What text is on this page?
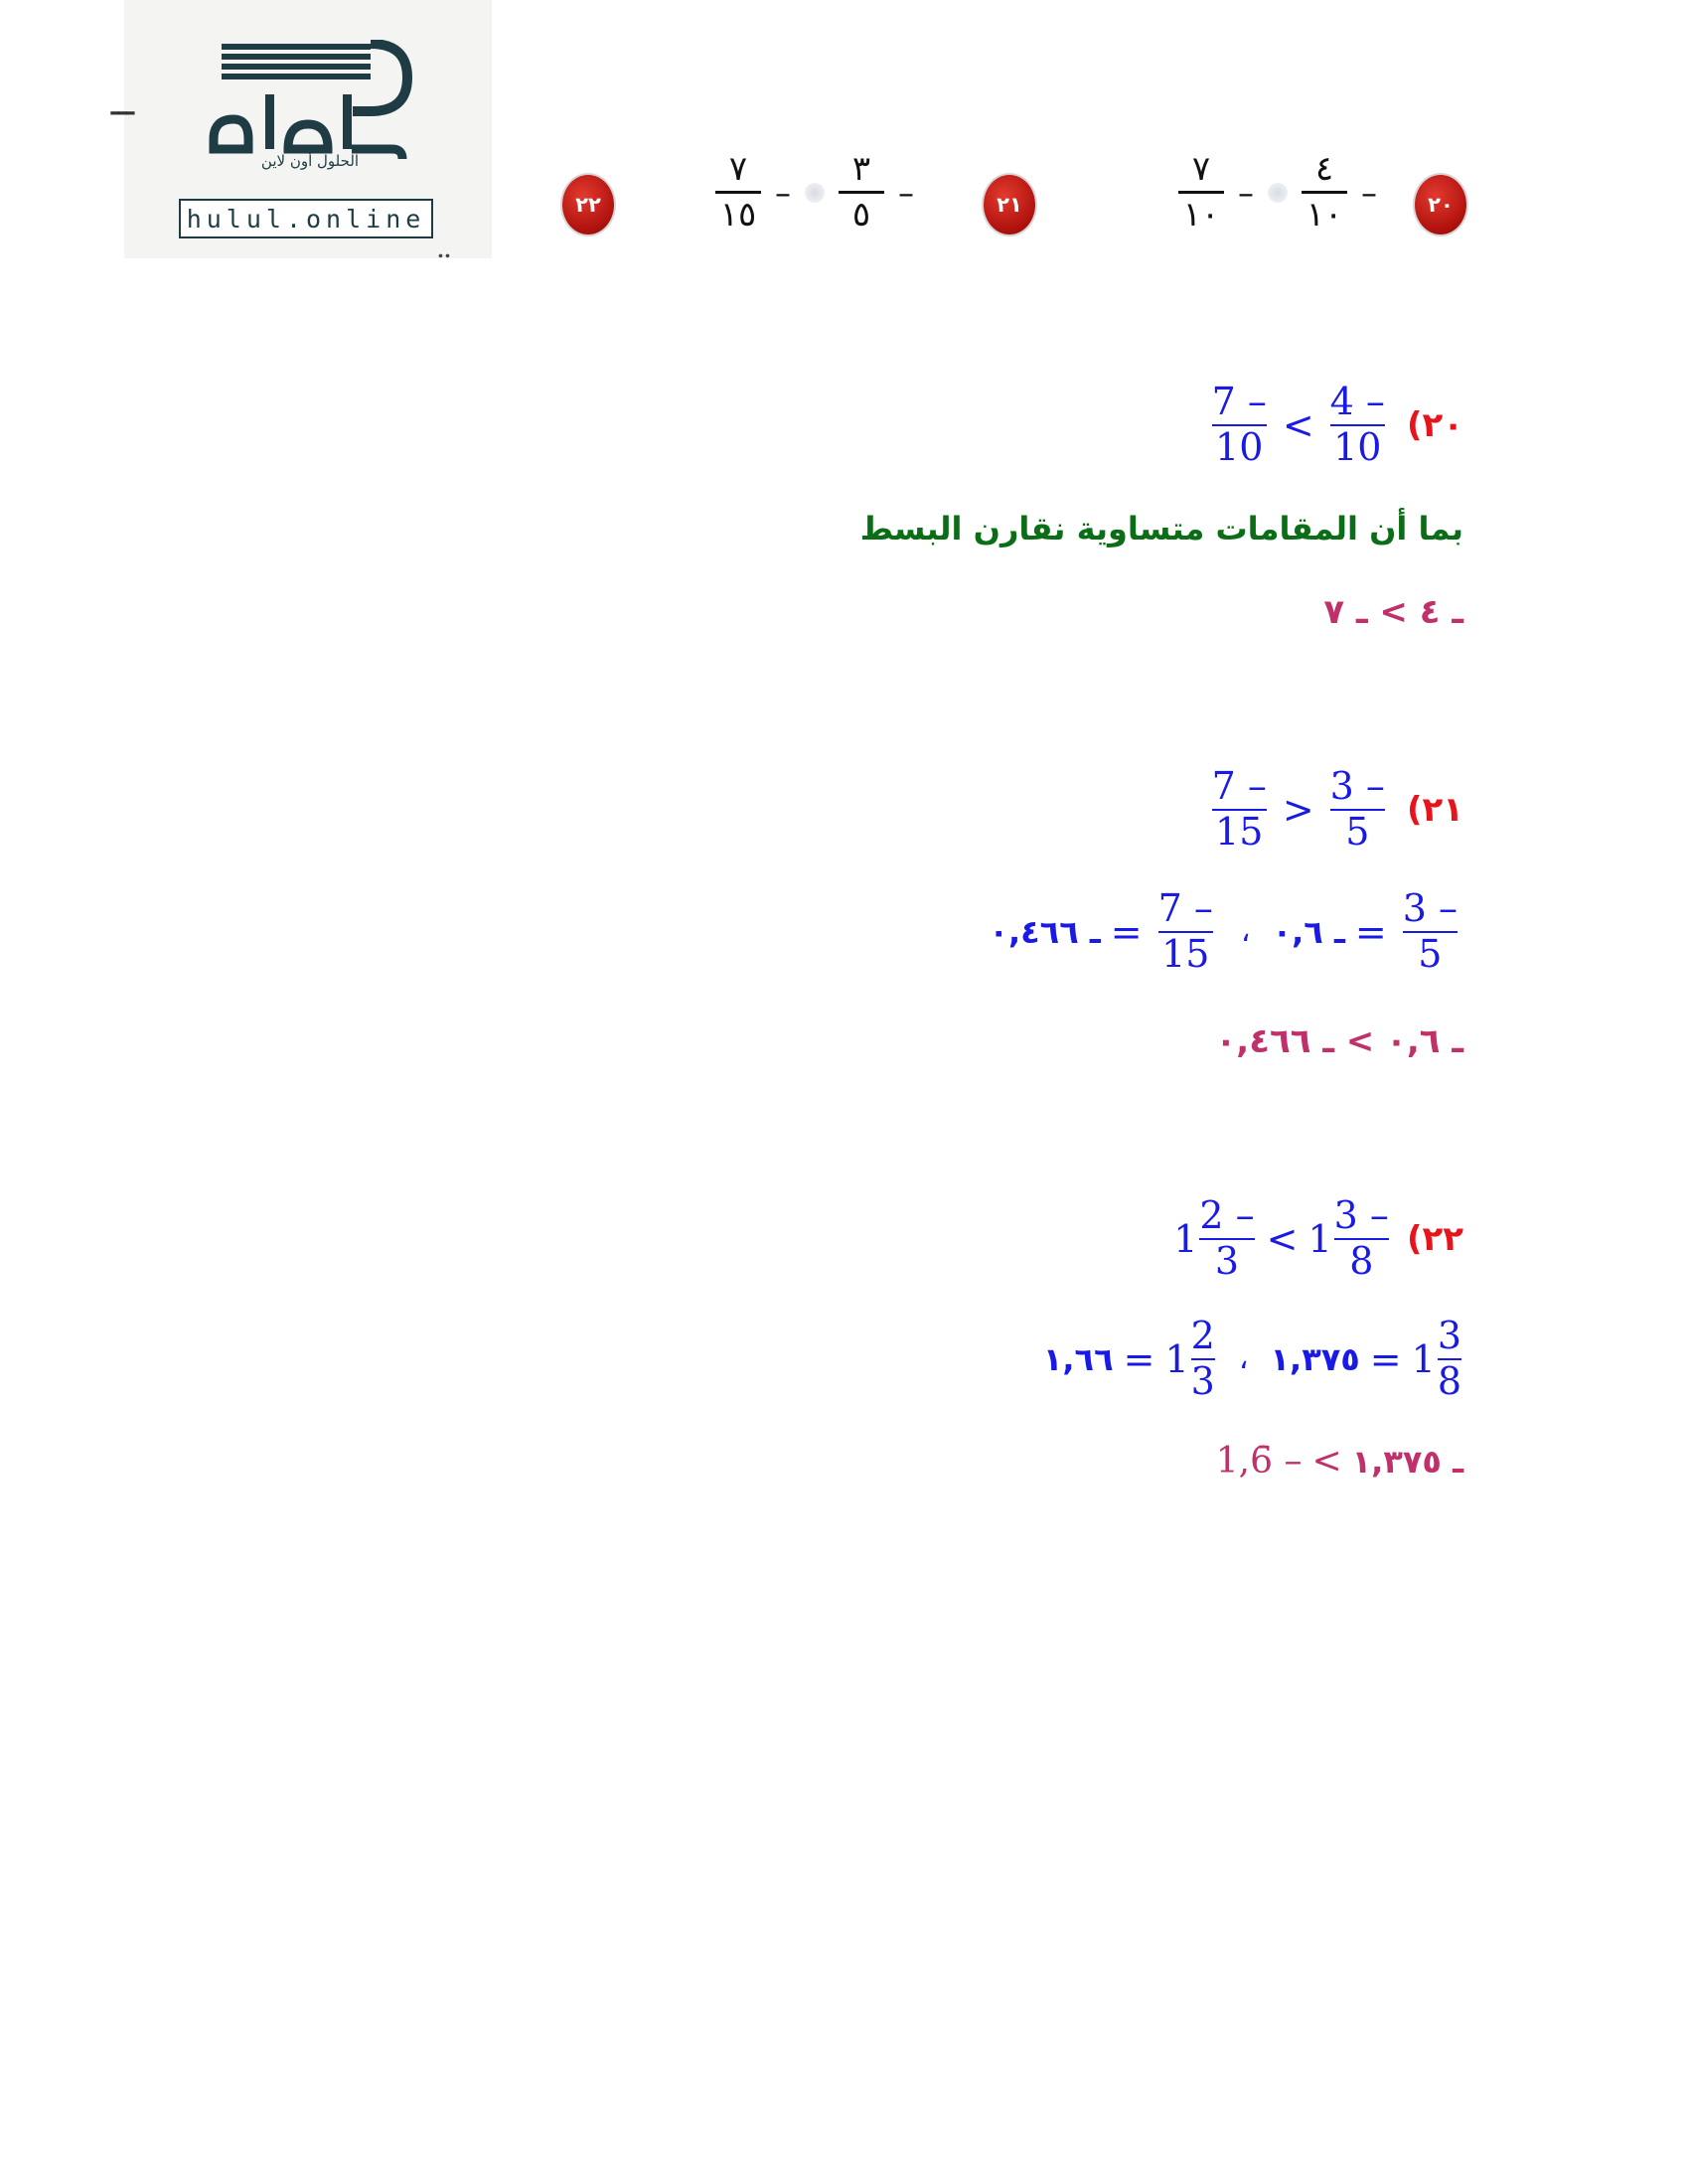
ـــ
الحلول أون لاين
hulul.online
..
٢٢	٢١	٢٠
٧
١٥
–
٣
٥
–
٧
١٠
–
٤
١٠
–
٢٠)
$\frac{4 -}{10}$
<
$\frac{7 -}{10}$
بما أن المقامات متساوية نقارن البسط
ـ ٤ > ـ ٧
٢١)
$\frac{3 -}{5}$
>
$\frac{7 -}{15}$
$\frac{3 -}{5}$
=
ـ ٠,٦
،
$\frac{7 -}{15}$
=
ـ ٠,٤٦٦
ـ ٠,٦ > ـ ٠,٤٦٦
٢٢)
$1 \frac{3 -}{8}$
<
$1 \frac{2 -}{3}$
$1 \frac{3}{8}$
=
١,٣٧٥
،
$1 \frac{2}{3}$
=
١,٦٦
ـ ١,٣٧٥
<
1,6̄ –
